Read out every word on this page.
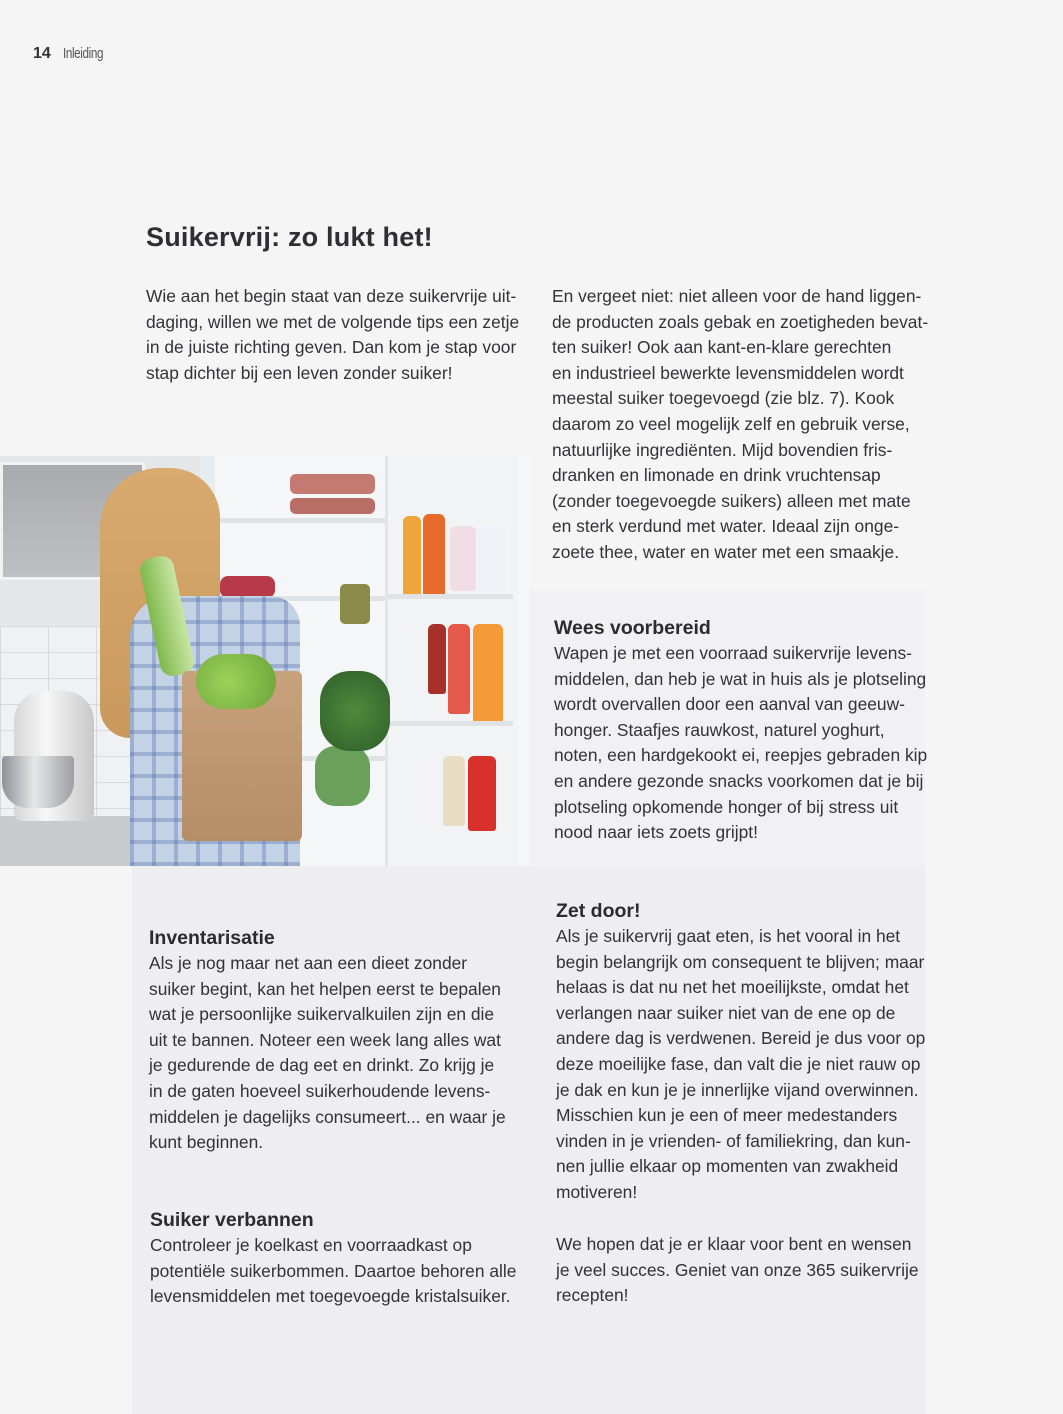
14 Inleiding
Suikervrij: zo lukt het!
Wie aan het begin staat van deze suikervrije uit-
daging, willen we met de volgende tips een zetje
in de juiste richting geven. Dan kom je stap voor
stap dichter bij een leven zonder suiker!
En vergeet niet: niet alleen voor de hand liggen-
de producten zoals gebak en zoetigheden bevat-
ten suiker! Ook aan kant-en-klare gerechten
en industrieel bewerkte levensmiddelen wordt
meestal suiker toegevoegd (zie blz. 7). Kook
daarom zo veel mogelijk zelf en gebruik verse,
natuurlijke ingrediënten. Mijd bovendien fris-
dranken en limonade en drink vruchtensap
(zonder toegevoegde suikers) alleen met mate
en sterk verdund met water. Ideaal zijn onge-
zoete thee, water en water met een smaakje.
Wees voorbereid
Wapen je met een voorraad suikervrije levens-
middelen, dan heb je wat in huis als je plotseling
wordt overvallen door een aanval van geeuw-
honger. Staafjes rauwkost, naturel yoghurt,
noten, een hardgekookt ei, reepjes gebraden kip
en andere gezonde snacks voorkomen dat je bij
plotseling opkomende honger of bij stress uit
nood naar iets zoets grijpt!
Inventarisatie
Als je nog maar net aan een dieet zonder
suiker begint, kan het helpen eerst te bepalen
wat je persoonlijke suikervalkuilen zijn en die
uit te bannen. Noteer een week lang alles wat
je gedurende de dag eet en drinkt. Zo krijg je
in de gaten hoeveel suikerhoudende levens-
middelen je dagelijks consumeert... en waar je
kunt beginnen.
Suiker verbannen
Controleer je koelkast en voorraadkast op
potentiële suikerbommen. Daartoe behoren alle
levensmiddelen met toegevoegde kristalsuiker.
Zet door!
Als je suikervrij gaat eten, is het vooral in het
begin belangrijk om consequent te blijven; maar
helaas is dat nu net het moeilijkste, omdat het
verlangen naar suiker niet van de ene op de
andere dag is verdwenen. Bereid je dus voor op
deze moeilijke fase, dan valt die je niet rauw op
je dak en kun je je innerlijke vijand overwinnen.
Misschien kun je een of meer medestanders
vinden in je vrienden- of familiekring, dan kun-
nen jullie elkaar op momenten van zwakheid
motiveren!
We hopen dat je er klaar voor bent en wensen
je veel succes. Geniet van onze 365 suikervrije
recepten!
